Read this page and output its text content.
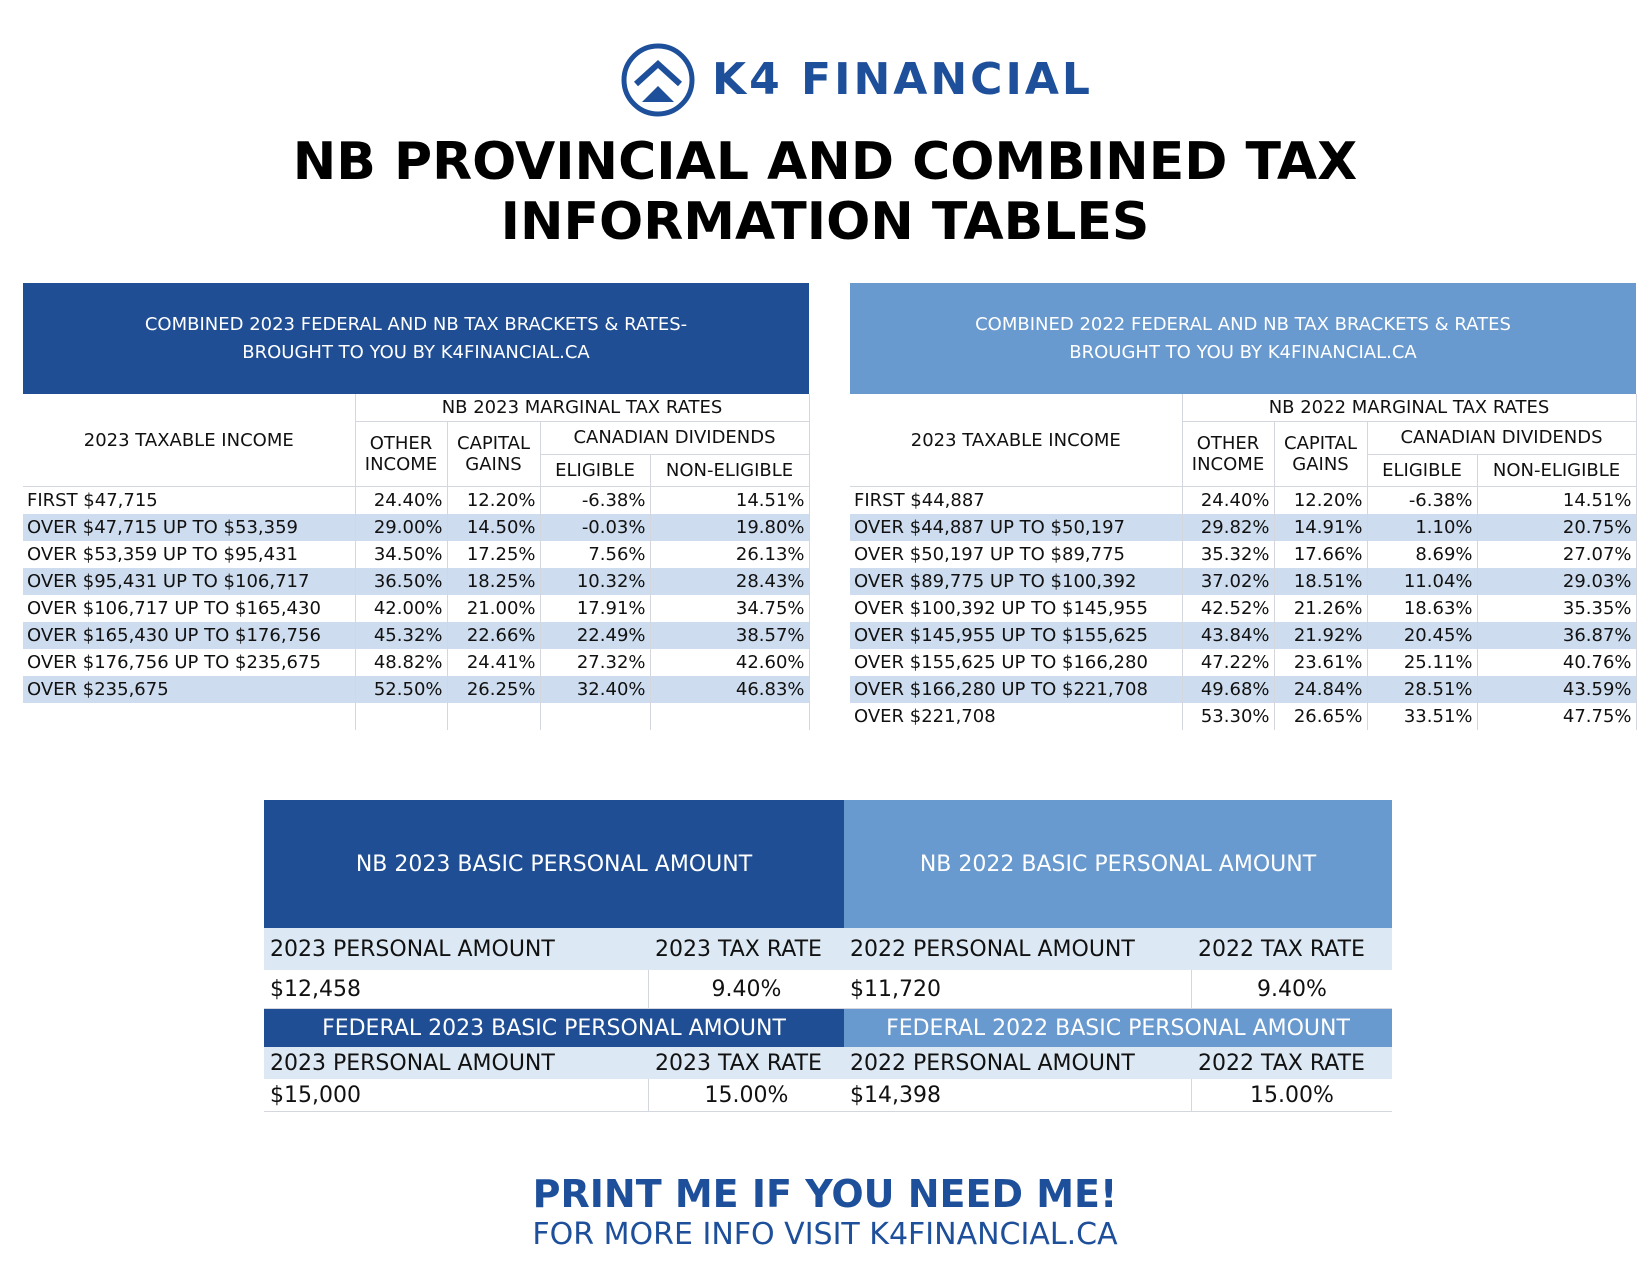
K4 FINANCIAL
NB PROVINCIAL AND COMBINED TAX
INFORMATION TABLES
COMBINED 2023 FEDERAL AND NB TAX BRACKETS & RATES-
BROUGHT TO YOU BY K4FINANCIAL.CA
2023 TAXABLE INCOME	NB 2023 MARGINAL TAX RATES			
	OTHER INCOME	CAPITAL GAINS	CANADIAN DIVIDENDS	
			ELIGIBLE	NON-ELIGIBLE
FIRST $47,715	24.40%	12.20%	-6.38%	14.51%
OVER $47,715 UP TO $53,359	29.00%	14.50%	-0.03%	19.80%
OVER $53,359 UP TO $95,431	34.50%	17.25%	7.56%	26.13%
OVER $95,431 UP TO $106,717	36.50%	18.25%	10.32%	28.43%
OVER $106,717 UP TO $165,430	42.00%	21.00%	17.91%	34.75%
OVER $165,430 UP TO $176,756	45.32%	22.66%	22.49%	38.57%
OVER $176,756 UP TO $235,675	48.82%	24.41%	27.32%	42.60%
OVER $235,675	52.50%	26.25%	32.40%	46.83%

COMBINED 2022 FEDERAL AND NB TAX BRACKETS & RATES
BROUGHT TO YOU BY K4FINANCIAL.CA
2023 TAXABLE INCOME	NB 2022 MARGINAL TAX RATES			
	OTHER INCOME	CAPITAL GAINS	CANADIAN DIVIDENDS	
			ELIGIBLE	NON-ELIGIBLE
FIRST $44,887	24.40%	12.20%	-6.38%	14.51%
OVER $44,887 UP TO $50,197	29.82%	14.91%	1.10%	20.75%
OVER $50,197 UP TO $89,775	35.32%	17.66%	8.69%	27.07%
OVER $89,775 UP TO $100,392	37.02%	18.51%	11.04%	29.03%
OVER $100,392 UP TO $145,955	42.52%	21.26%	18.63%	35.35%
OVER $145,955 UP TO $155,625	43.84%	21.92%	20.45%	36.87%
OVER $155,625 UP TO $166,280	47.22%	23.61%	25.11%	40.76%
OVER $166,280 UP TO $221,708	49.68%	24.84%	28.51%	43.59%
OVER $221,708	53.30%	26.65%	33.51%	47.75%
NB 2023 BASIC PERSONAL AMOUNT
2023 PERSONAL AMOUNT	2023 TAX RATE
$12,458	9.40%
FEDERAL 2023 BASIC PERSONAL AMOUNT
2023 PERSONAL AMOUNT	2023 TAX RATE
$15,000	15.00%
NB 2022 BASIC PERSONAL AMOUNT
2022 PERSONAL AMOUNT	2022 TAX RATE
$11,720	9.40%
FEDERAL 2022 BASIC PERSONAL AMOUNT
2022 PERSONAL AMOUNT	2022 TAX RATE
$14,398	15.00%
PRINT ME IF YOU NEED ME!
FOR MORE INFO VISIT K4FINANCIAL.CA
